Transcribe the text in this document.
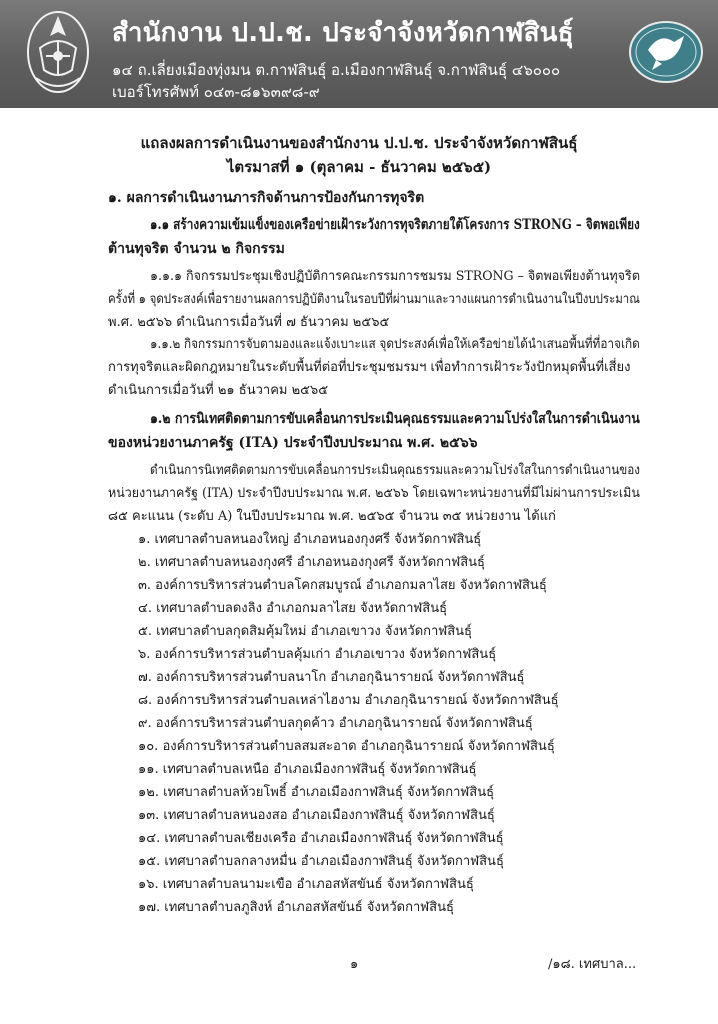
สำนักงาน ป.ป.ช. ประจำจังหวัดกาฬสินธุ์
๑๔ ถ.เลี่ยงเมืองทุ่งมน ต.กาฬสินธุ์ อ.เมืองกาฬสินธุ์ จ.กาฬสินธุ์ ๔๖๐๐๐
เบอร์โทรศัพท์ ๐๔๓-๘๑๖๓๙๘-๙
แถลงผลการดำเนินงานของสำนักงาน ป.ป.ช. ประจำจังหวัดกาฬสินธุ์
ไตรมาสที่ ๑ (ตุลาคม - ธันวาคม ๒๕๖๕)
๑. ผลการดำเนินงานภารกิจด้านการป้องกันการทุจริต
๑.๑ สร้างความเข้มแข็งของเครือข่ายเฝ้าระวังการทุจริตภายใต้โครงการ STRONG – จิตพอเพียง
ต้านทุจริต จำนวน ๒ กิจกรรม
๑.๑.๑ กิจกรรมประชุมเชิงปฏิบัติการคณะกรรมการชมรม STRONG – จิตพอเพียงต้านทุจริต
ครั้งที่ ๑ จุดประสงค์เพื่อรายงานผลการปฏิบัติงานในรอบปีที่ผ่านมาและวางแผนการดำเนินงานในปีงบประมาณ
พ.ศ. ๒๕๖๖ ดำเนินการเมื่อวันที่ ๗ ธันวาคม ๒๕๖๕
๑.๑.๒ กิจกรรมการจับตามองและแจ้งเบาะแส จุดประสงค์เพื่อให้เครือข่ายได้นำเสนอพื้นที่ที่อาจเกิด
การทุจริตและผิดกฎหมายในระดับพื้นที่ต่อที่ประชุมชมรมฯ เพื่อทำการเฝ้าระวังปักหมุดพื้นที่เสี่ยง
ดำเนินการเมื่อวันที่ ๒๑ ธันวาคม ๒๕๖๕
๑.๒ การนิเทศติดตามการขับเคลื่อนการประเมินคุณธรรมและความโปร่งใสในการดำเนินงาน
ของหน่วยงานภาครัฐ (ITA) ประจำปีงบประมาณ พ.ศ. ๒๕๖๖
ดำเนินการนิเทศติดตามการขับเคลื่อนการประเมินคุณธรรมและความโปร่งใสในการดำเนินงานของ
หน่วยงานภาครัฐ (ITA) ประจำปีงบประมาณ พ.ศ. ๒๕๖๖ โดยเฉพาะหน่วยงานที่มีไม่ผ่านการประเมิน
๘๕ คะแนน (ระดับ A) ในปีงบประมาณ พ.ศ. ๒๕๖๕ จำนวน ๓๕ หน่วยงาน ได้แก่
๑. เทศบาลตำบลหนองใหญ่ อำเภอหนองกุงศรี จังหวัดกาฬสินธุ์
๒. เทศบาลตำบลหนองกุงศรี อำเภอหนองกุงศรี จังหวัดกาฬสินธุ์
๓. องค์การบริหารส่วนตำบลโคกสมบูรณ์ อำเภอกมลาไสย จังหวัดกาฬสินธุ์
๔. เทศบาลตำบลดงลิง อำเภอกมลาไสย จังหวัดกาฬสินธุ์
๕. เทศบาลตำบลกุดสิมคุ้มใหม่ อำเภอเขาวง จังหวัดกาฬสินธุ์
๖. องค์การบริหารส่วนตำบลคุ้มเก่า อำเภอเขาวง จังหวัดกาฬสินธุ์
๗. องค์การบริหารส่วนตำบลนาโก อำเภอกุฉินารายณ์ จังหวัดกาฬสินธุ์
๘. องค์การบริหารส่วนตำบลเหล่าไฮงาม อำเภอกุฉินารายณ์ จังหวัดกาฬสินธุ์
๙. องค์การบริหารส่วนตำบลกุดค้าว อำเภอกุฉินารายณ์ จังหวัดกาฬสินธุ์
๑๐. องค์การบริหารส่วนตำบลสมสะอาด อำเภอกุฉินารายณ์ จังหวัดกาฬสินธุ์
๑๑. เทศบาลตำบลเหนือ อำเภอเมืองกาฬสินธุ์ จังหวัดกาฬสินธุ์
๑๒. เทศบาลตำบลห้วยโพธิ์ อำเภอเมืองกาฬสินธุ์ จังหวัดกาฬสินธุ์
๑๓. เทศบาลตำบลหนองสอ อำเภอเมืองกาฬสินธุ์ จังหวัดกาฬสินธุ์
๑๔. เทศบาลตำบลเชียงเครือ อำเภอเมืองกาฬสินธุ์ จังหวัดกาฬสินธุ์
๑๕. เทศบาลตำบลกลางหมื่น อำเภอเมืองกาฬสินธุ์ จังหวัดกาฬสินธุ์
๑๖. เทศบาลตำบลนามะเขือ อำเภอสหัสขันธ์ จังหวัดกาฬสินธุ์
๑๗. เทศบาลตำบลภูสิงห์ อำเภอสหัสขันธ์ จังหวัดกาฬสินธุ์
๑	/๑๘. เทศบาล...
